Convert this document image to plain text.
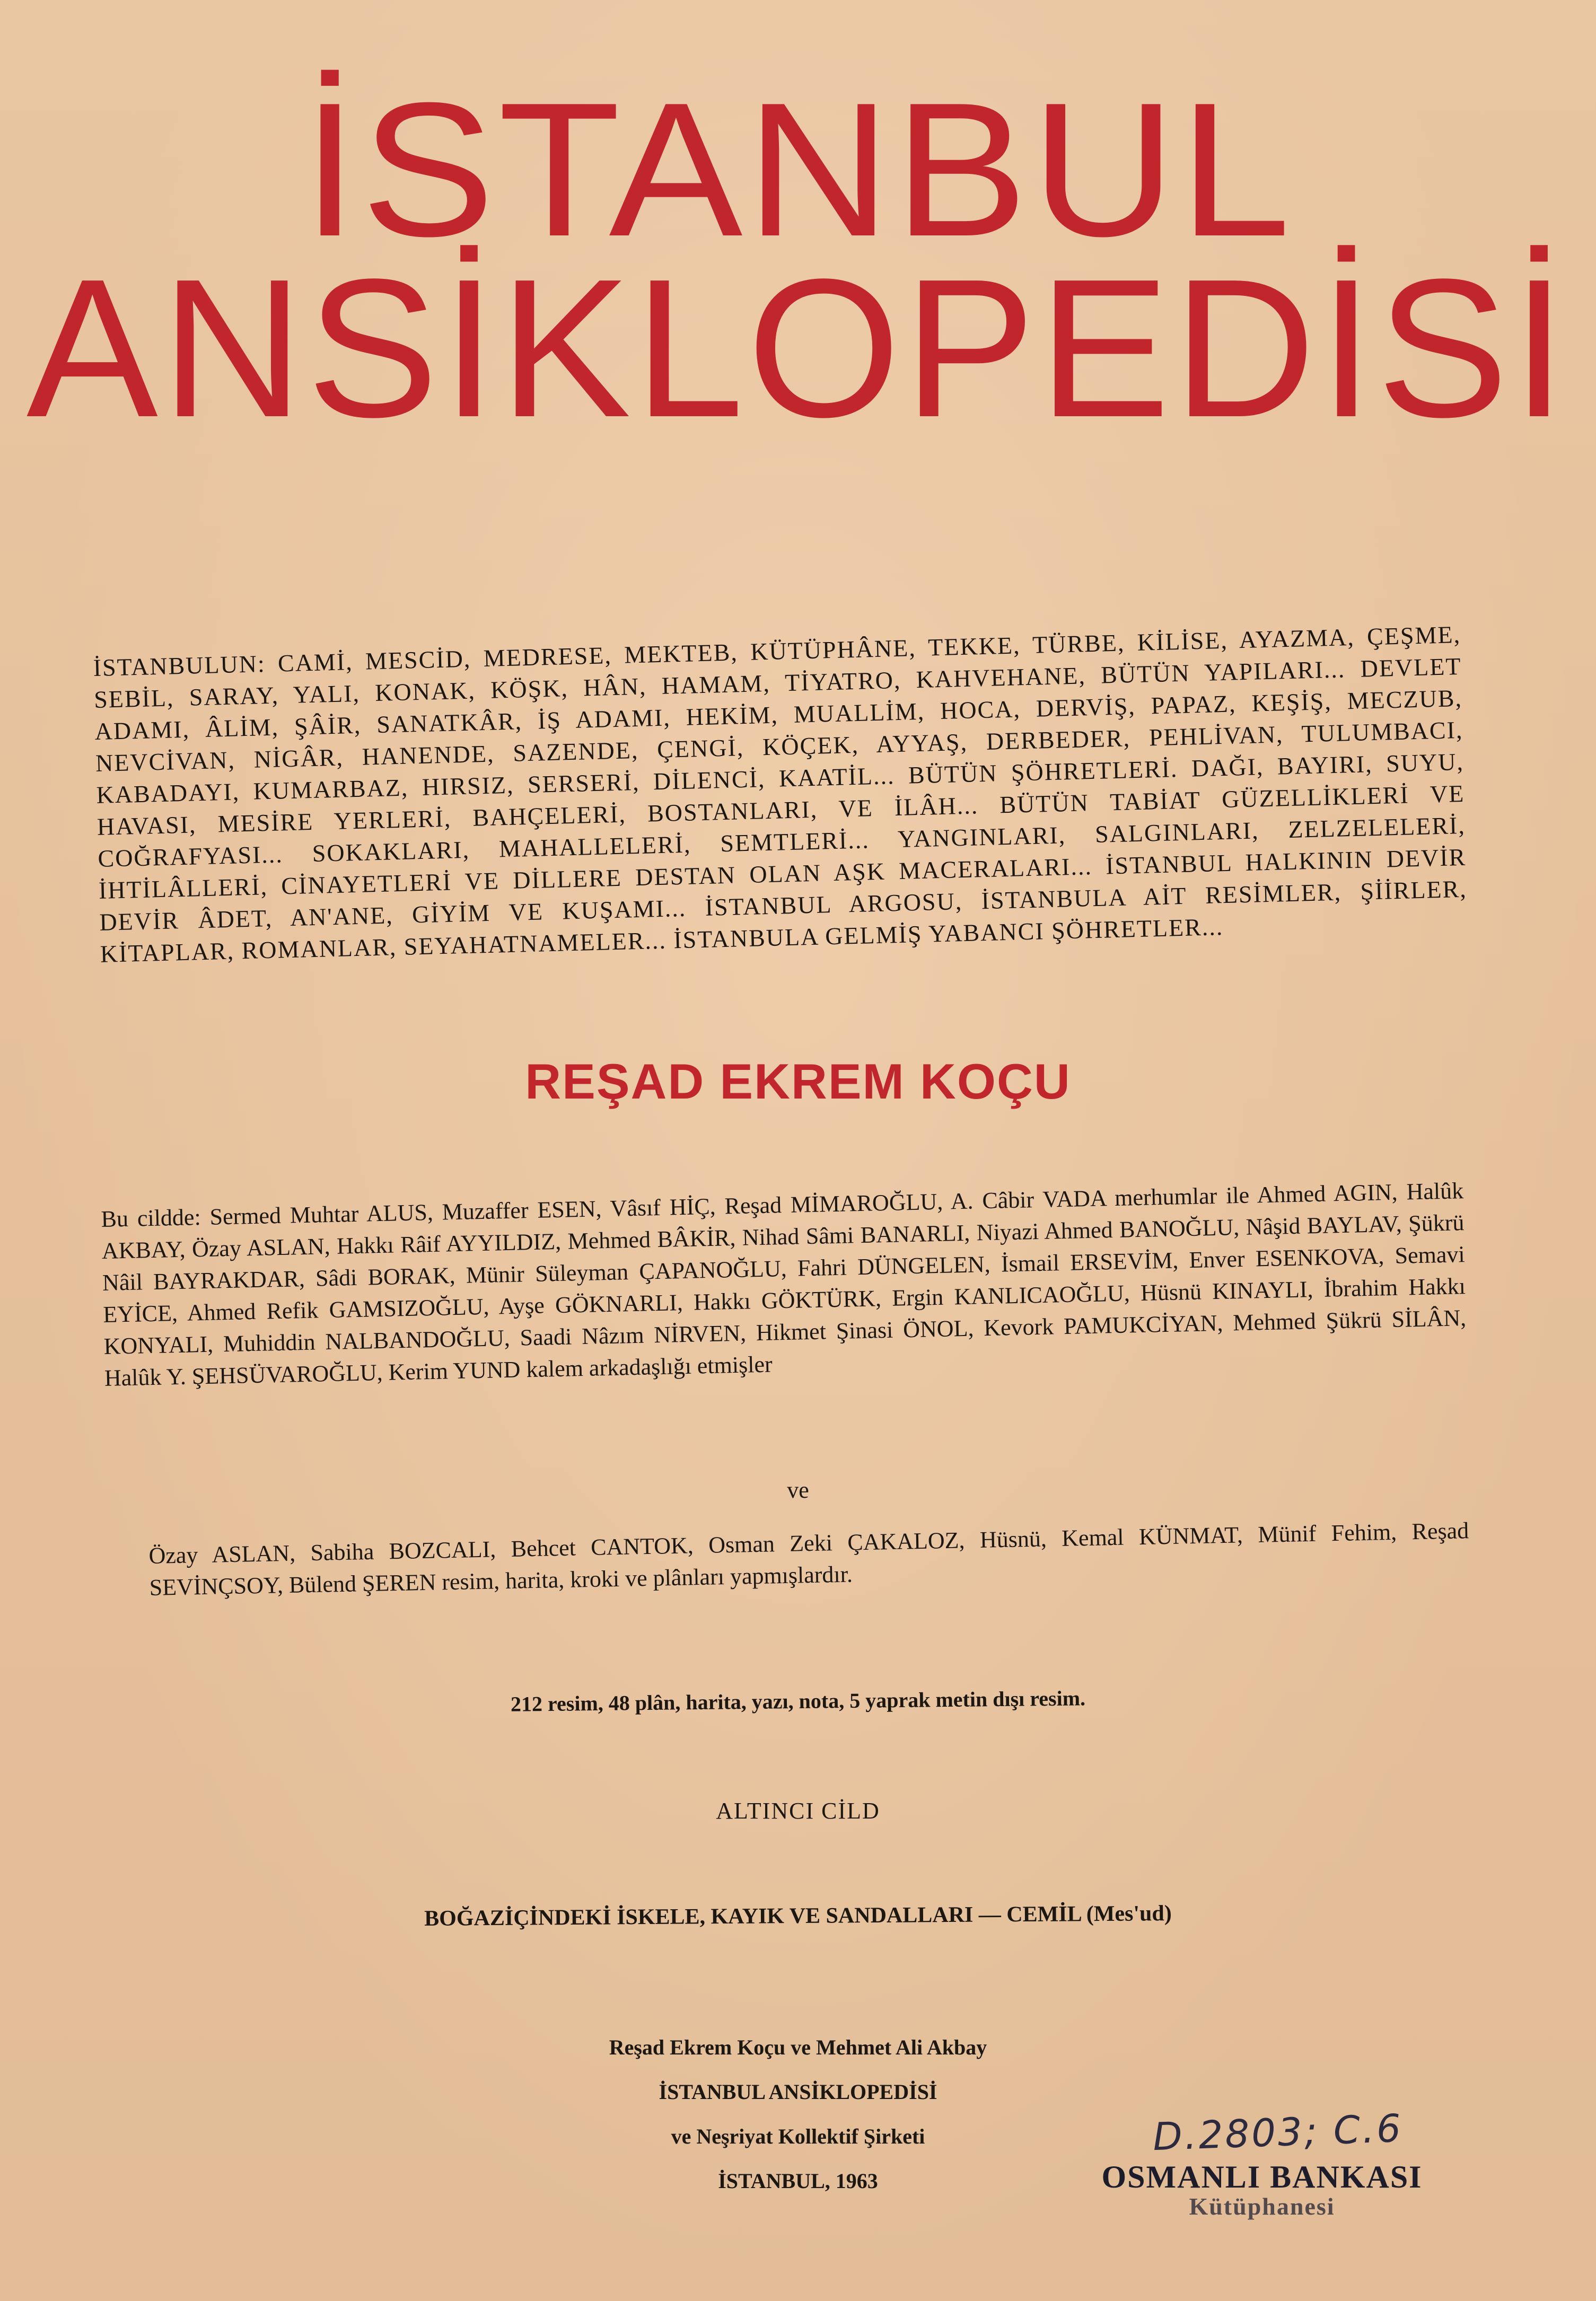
İSTANBUL
ANSİKLOPEDİSİ
İSTANBULUN: CAMİ, MESCİD, MEDRESE, MEKTEB, KÜTÜPHÂNE, TEKKE, TÜRBE, KİLİSE, AYAZMA, ÇEŞME, SEBİL, SARAY, YALI, KONAK, KÖŞK, HÂN, HAMAM, TİYATRO, KAHVEHANE, BÜTÜN YAPILARI... DEVLET ADAMI, ÂLİM, ŞÂİR, SANATKÂR, İŞ ADAMI, HEKİM, MUALLİM, HOCA, DERVİŞ, PAPAZ, KEŞİŞ, MECZUB, NEVCİVAN, NİGÂR, HANENDE, SAZENDE, ÇENGİ, KÖÇEK, AYYAŞ, DERBEDER, PEHLİVAN, TULUMBACI, KABADAYI, KUMARBAZ, HIRSIZ, SERSERİ, DİLENCİ, KAATİL... BÜTÜN ŞÖHRETLERİ. DAĞI, BAYIRI, SUYU, HAVASI, MESİRE YERLERİ, BAHÇELERİ, BOSTANLARI, VE İLÂH... BÜTÜN TABİAT GÜZELLİKLERİ VE COĞRAFYASI... SOKAKLARI, MAHALLELERİ, SEMTLERİ... YANGINLARI, SALGINLARI, ZELZELELERİ, İHTİLÂLLERİ, CİNAYETLERİ VE DİLLERE DESTAN OLAN AŞK MACERALARI... İSTANBUL HALKININ DEVİR DEVİR ÂDET, AN'ANE, GİYİM VE KUŞAMI... İSTANBUL ARGOSU, İSTANBULA AİT RESİMLER, ŞİİRLER, KİTAPLAR, ROMANLAR, SEYAHATNAMELER... İSTANBULA GELMİŞ YABANCI ŞÖHRETLER...
REŞAD EKREM KOÇU
Bu cildde: Sermed Muhtar ALUS, Muzaffer ESEN, Vâsıf HİÇ, Reşad MİMAROĞLU, A. Câbir VADA merhumlar ile Ahmed AGIN, Halûk AKBAY, Özay ASLAN, Hakkı Râif AYYILDIZ, Mehmed BÂKİR, Nihad Sâmi BANARLI, Niyazi Ahmed BANOĞLU, Nâşid BAYLAV, Şükrü Nâil BAYRAKDAR, Sâdi BORAK, Münir Süleyman ÇAPANOĞLU, Fahri DÜNGELEN, İsmail ERSEVİM, Enver ESENKOVA, Semavi EYİCE, Ahmed Refik GAMSIZOĞLU, Ayşe GÖKNARLI, Hakkı GÖKTÜRK, Ergin KANLICAOĞLU, Hüsnü KINAYLI, İbrahim Hakkı KONYALI, Muhiddin NALBANDOĞLU, Saadi Nâzım NİRVEN, Hikmet Şinasi ÖNOL, Kevork PAMUKCİYAN, Mehmed Şükrü SİLÂN, Halûk Y. ŞEHSÜVAROĞLU, Kerim YUND kalem arkadaşlığı etmişler
ve
Özay ASLAN, Sabiha BOZCALI, Behcet CANTOK, Osman Zeki ÇAKALOZ, Hüsnü, Kemal KÜNMAT, Münif Fehim, Reşad SEVİNÇSOY, Bülend ŞEREN resim, harita, kroki ve plânları yapmışlardır.
212 resim, 48 plân, harita, yazı, nota, 5 yaprak metin dışı resim.
ALTINCI CİLD
BOĞAZİÇİNDEKİ İSKELE, KAYIK VE SANDALLARI — CEMİL (Mes'ud)
Reşad Ekrem Koçu ve Mehmet Ali Akbay
İSTANBUL ANSİKLOPEDİSİ
ve Neşriyat Kollektif Şirketi
İSTANBUL, 1963
D.2803; C.6
OSMANLI BANKASI
Kütüphanesi
